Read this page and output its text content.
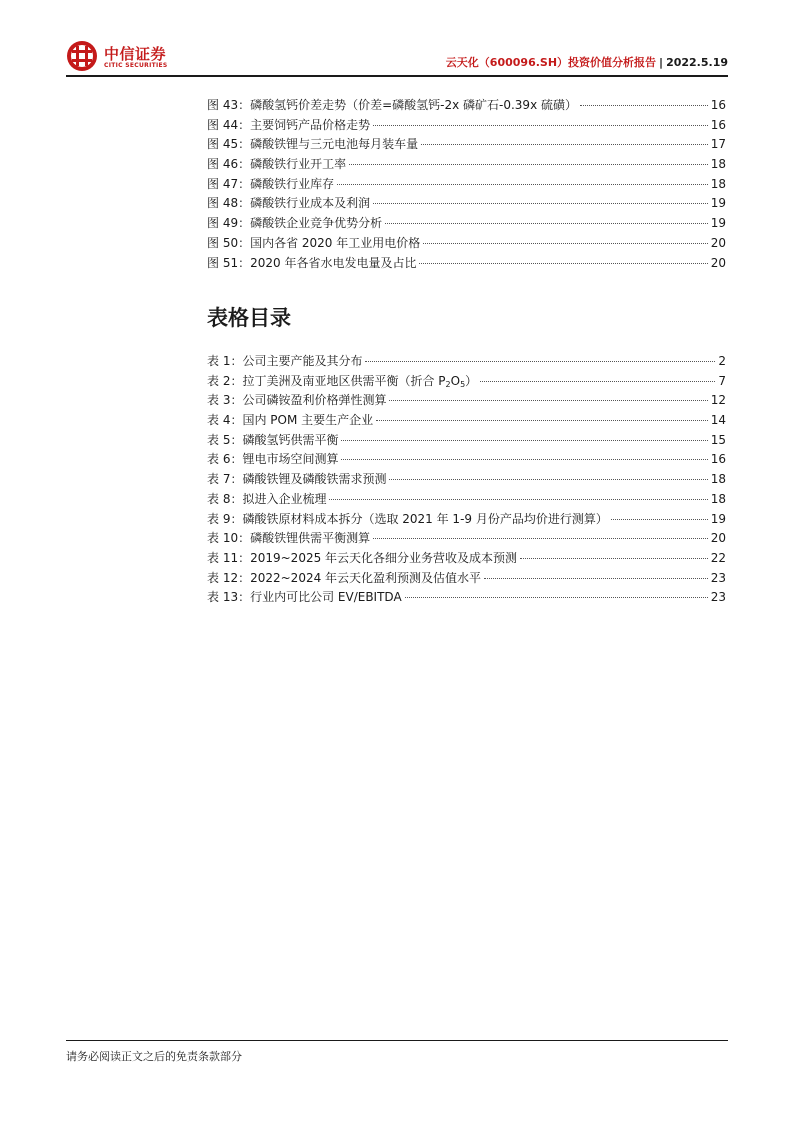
中信证券
CITIC SECURITIES	云天化（600096.SH）投资价值分析报告 | 2022.5.19
图 43：磷酸氢钙价差走势（价差=磷酸氢钙-2x 磷矿石-0.39x 硫磺）	16
图 44：主要饲钙产品价格走势	16
图 45：磷酸铁锂与三元电池每月装车量	17
图 46：磷酸铁行业开工率	18
图 47：磷酸铁行业库存	18
图 48：磷酸铁行业成本及利润	19
图 49：磷酸铁企业竞争优势分析	19
图 50：国内各省 2020 年工业用电价格	20
图 51：2020 年各省水电发电量及占比	20
表格目录
表 1：公司主要产能及其分布	2
表 2：拉丁美洲及南亚地区供需平衡（折合 $P_2O_5$）	7
表 3：公司磷铵盈利价格弹性测算	12
表 4：国内 POM 主要生产企业	14
表 5：磷酸氢钙供需平衡	15
表 6：锂电市场空间测算	16
表 7：磷酸铁锂及磷酸铁需求预测	18
表 8：拟进入企业梳理	18
表 9：磷酸铁原材料成本拆分（选取 2021 年 1-9 月份产品均价进行测算）	19
表 10：磷酸铁锂供需平衡测算	20
表 11：2019~2025 年云天化各细分业务营收及成本预测	22
表 12：2022~2024 年云天化盈利预测及估值水平	23
表 13：行业内可比公司 EV/EBITDA	23
请务必阅读正文之后的免责条款部分
